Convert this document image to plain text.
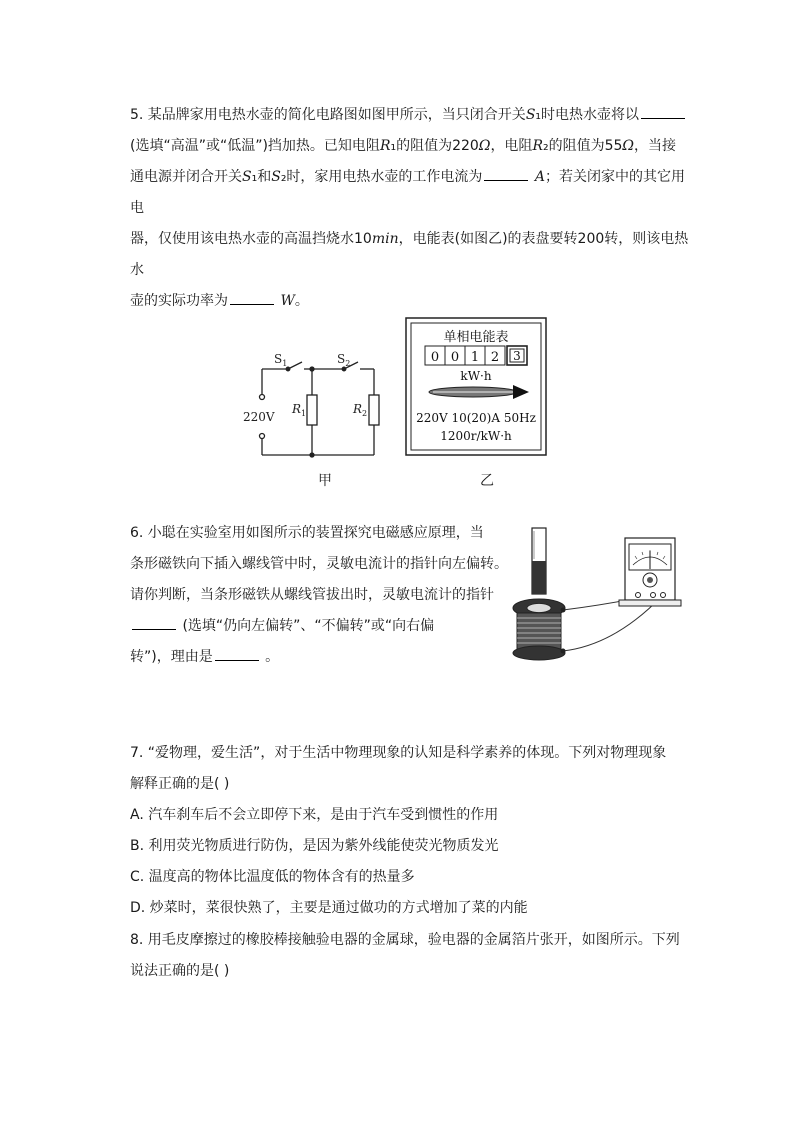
5. 某品牌家用电热水壶的简化电路图如图甲所示，当只闭合开关S₁时电热水壶将以

(选填“高温”或“低温”)挡加热。已知电阻R₁的阻值为220Ω，电阻R₂的阻值为55Ω，当接

通电源并闭合开关S₁和S₂时，家用电热水壶的工作电流为	A；若关闭家中的其它用电

器，仅使用该电热水壶的高温挡烧水10min，电能表(如图乙)的表盘要转200转，则该电热水

壶的实际功率为	W。

$S_1$	$S_2$
220V
$R_1$	$R_2$
甲
单相电能表
0 0 1 2 3
kW·h
220V 10(20)A 50Hz
1200r/kW·h
乙

6. 小聪在实验室用如图所示的装置探究电磁感应原理，当

条形磁铁向下插入螺线管中时，灵敏电流计的指针向左偏转。

请你判断，当条形磁铁从螺线管拔出时，灵敏电流计的指针

(选填“仍向左偏转”、“不偏转”或“向右偏

转”)，理由是	。

7. “爱物理，爱生活”，对于生活中物理现象的认知是科学素养的体现。下列对物理现象

解释正确的是( )

A. 汽车刹车后不会立即停下来，是由于汽车受到惯性的作用

B. 利用荧光物质进行防伪，是因为紫外线能使荧光物质发光

C. 温度高的物体比温度低的物体含有的热量多

D. 炒菜时，菜很快熟了，主要是通过做功的方式增加了菜的内能

8. 用毛皮摩擦过的橡胶棒接触验电器的金属球，验电器的金属箔片张开，如图所示。下列

说法正确的是( )
